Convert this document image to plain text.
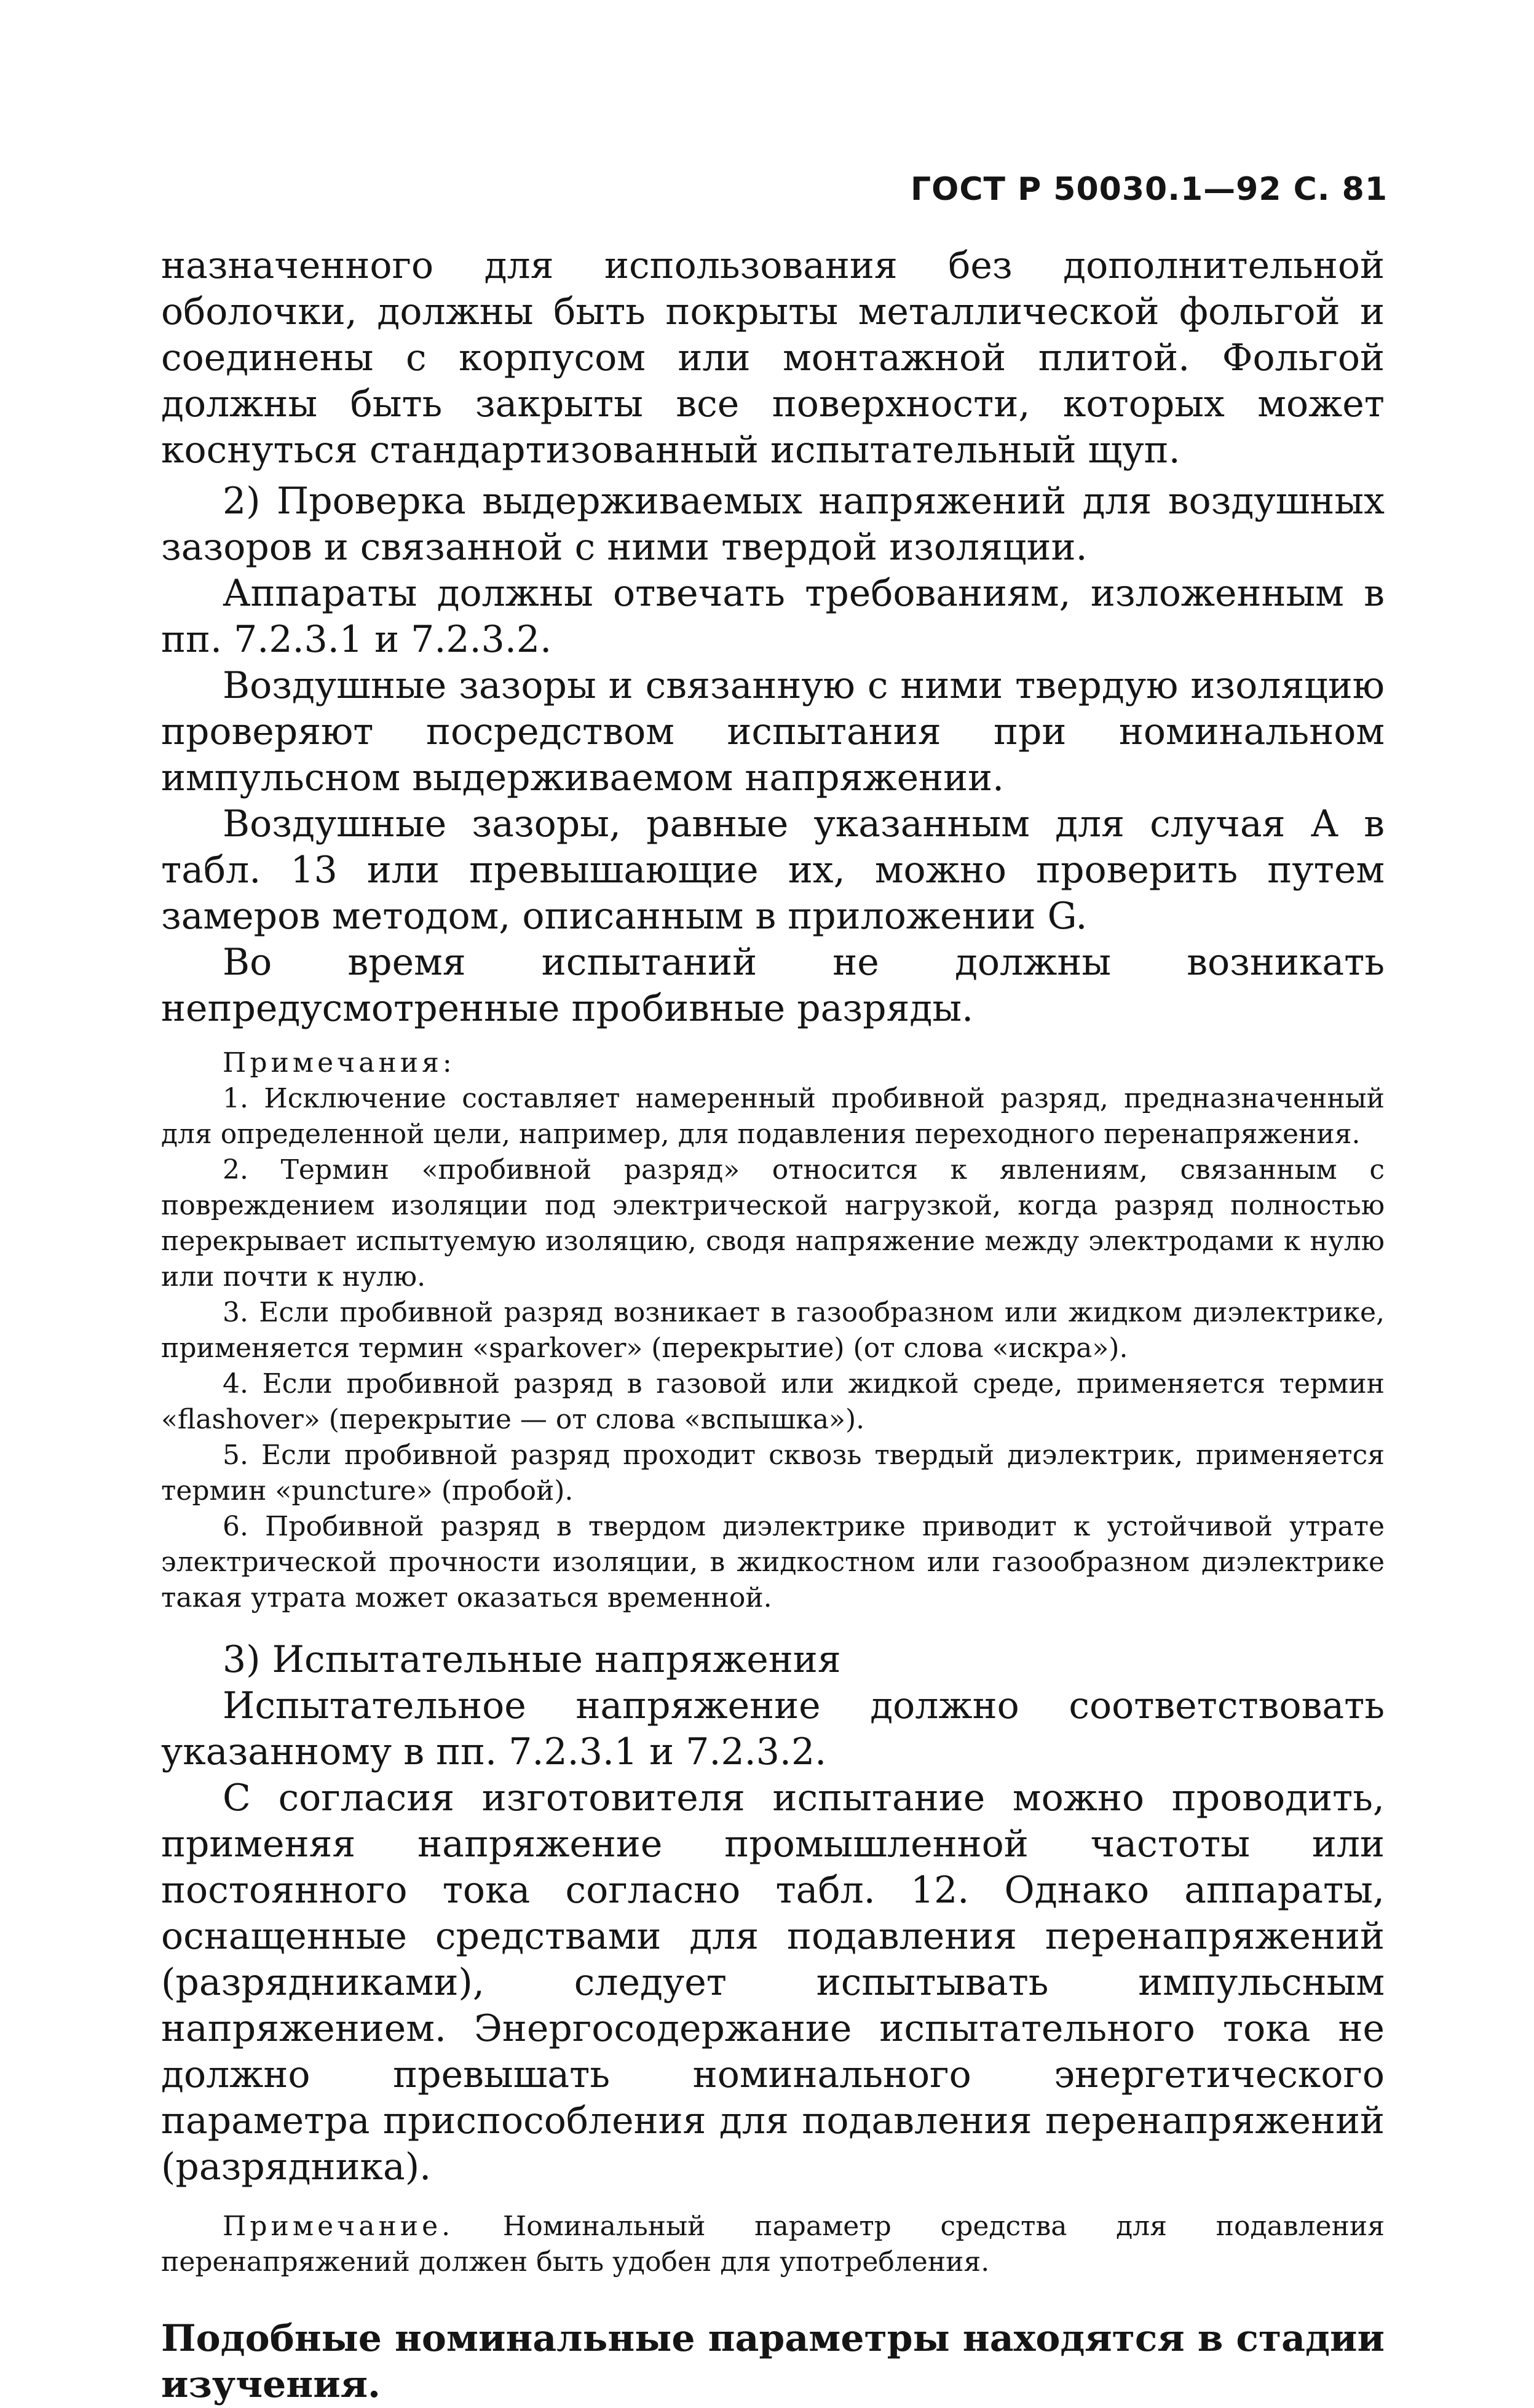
ГОСТ Р 50030.1—92 С. 81

назначенного для использования без дополнительной оболочки, должны быть покрыты металлической фольгой и соединены с корпусом или монтажной плитой. Фольгой должны быть закрыты все поверхности, которых может коснуться стандартизованный испытательный щуп.

2) Проверка выдерживаемых напряжений для воздушных зазоров и связанной с ними твердой изоляции.

Аппараты должны отвечать требованиям, изложенным в пп. 7.2.3.1 и 7.2.3.2.

Воздушные зазоры и связанную с ними твердую изоляцию проверяют посредством испытания при номинальном импульсном выдерживаемом напряжении.

Воздушные зазоры, равные указанным для случая А в табл. 13 или превышающие их, можно проверить путем замеров методом, описанным в приложении G.

Во время испытаний не должны возникать непредусмотренные пробивные разряды.

Примечания:

1. Исключение составляет намеренный пробивной разряд, предназначенный для определенной цели, например, для подавления переходного перенапряжения.

2. Термин «пробивной разряд» относится к явлениям, связанным с повреждением изоляции под электрической нагрузкой, когда разряд полностью перекрывает испытуемую изоляцию, сводя напряжение между электродами к нулю или почти к нулю.

3. Если пробивной разряд возникает в газообразном или жидком диэлектрике, применяется термин «sparkover» (перекрытие) (от слова «искра»).

4. Если пробивной разряд в газовой или жидкой среде, применяется термин «flashover» (перекрытие — от слова «вспышка»).

5. Если пробивной разряд проходит сквозь твердый диэлектрик, применяется термин «puncture» (пробой).

6. Пробивной разряд в твердом диэлектрике приводит к устойчивой утрате электрической прочности изоляции, в жидкостном или газообразном диэлектрике такая утрата может оказаться временной.

3) Испытательные напряжения

Испытательное напряжение должно соответствовать указанному в пп. 7.2.3.1 и 7.2.3.2.

С согласия изготовителя испытание можно проводить, применяя напряжение промышленной частоты или постоянного тока согласно табл. 12. Однако аппараты, оснащенные средствами для подавления перенапряжений (разрядниками), следует испытывать импульсным напряжением. Энергосодержание испытательного тока не должно превышать номинального энергетического параметра приспособления для подавления перенапряжений (разрядника).

Примечание. Номинальный параметр средства для подавления перенапряжений должен быть удобен для употребления.

Подобные номинальные параметры находятся в стадии изучения.
